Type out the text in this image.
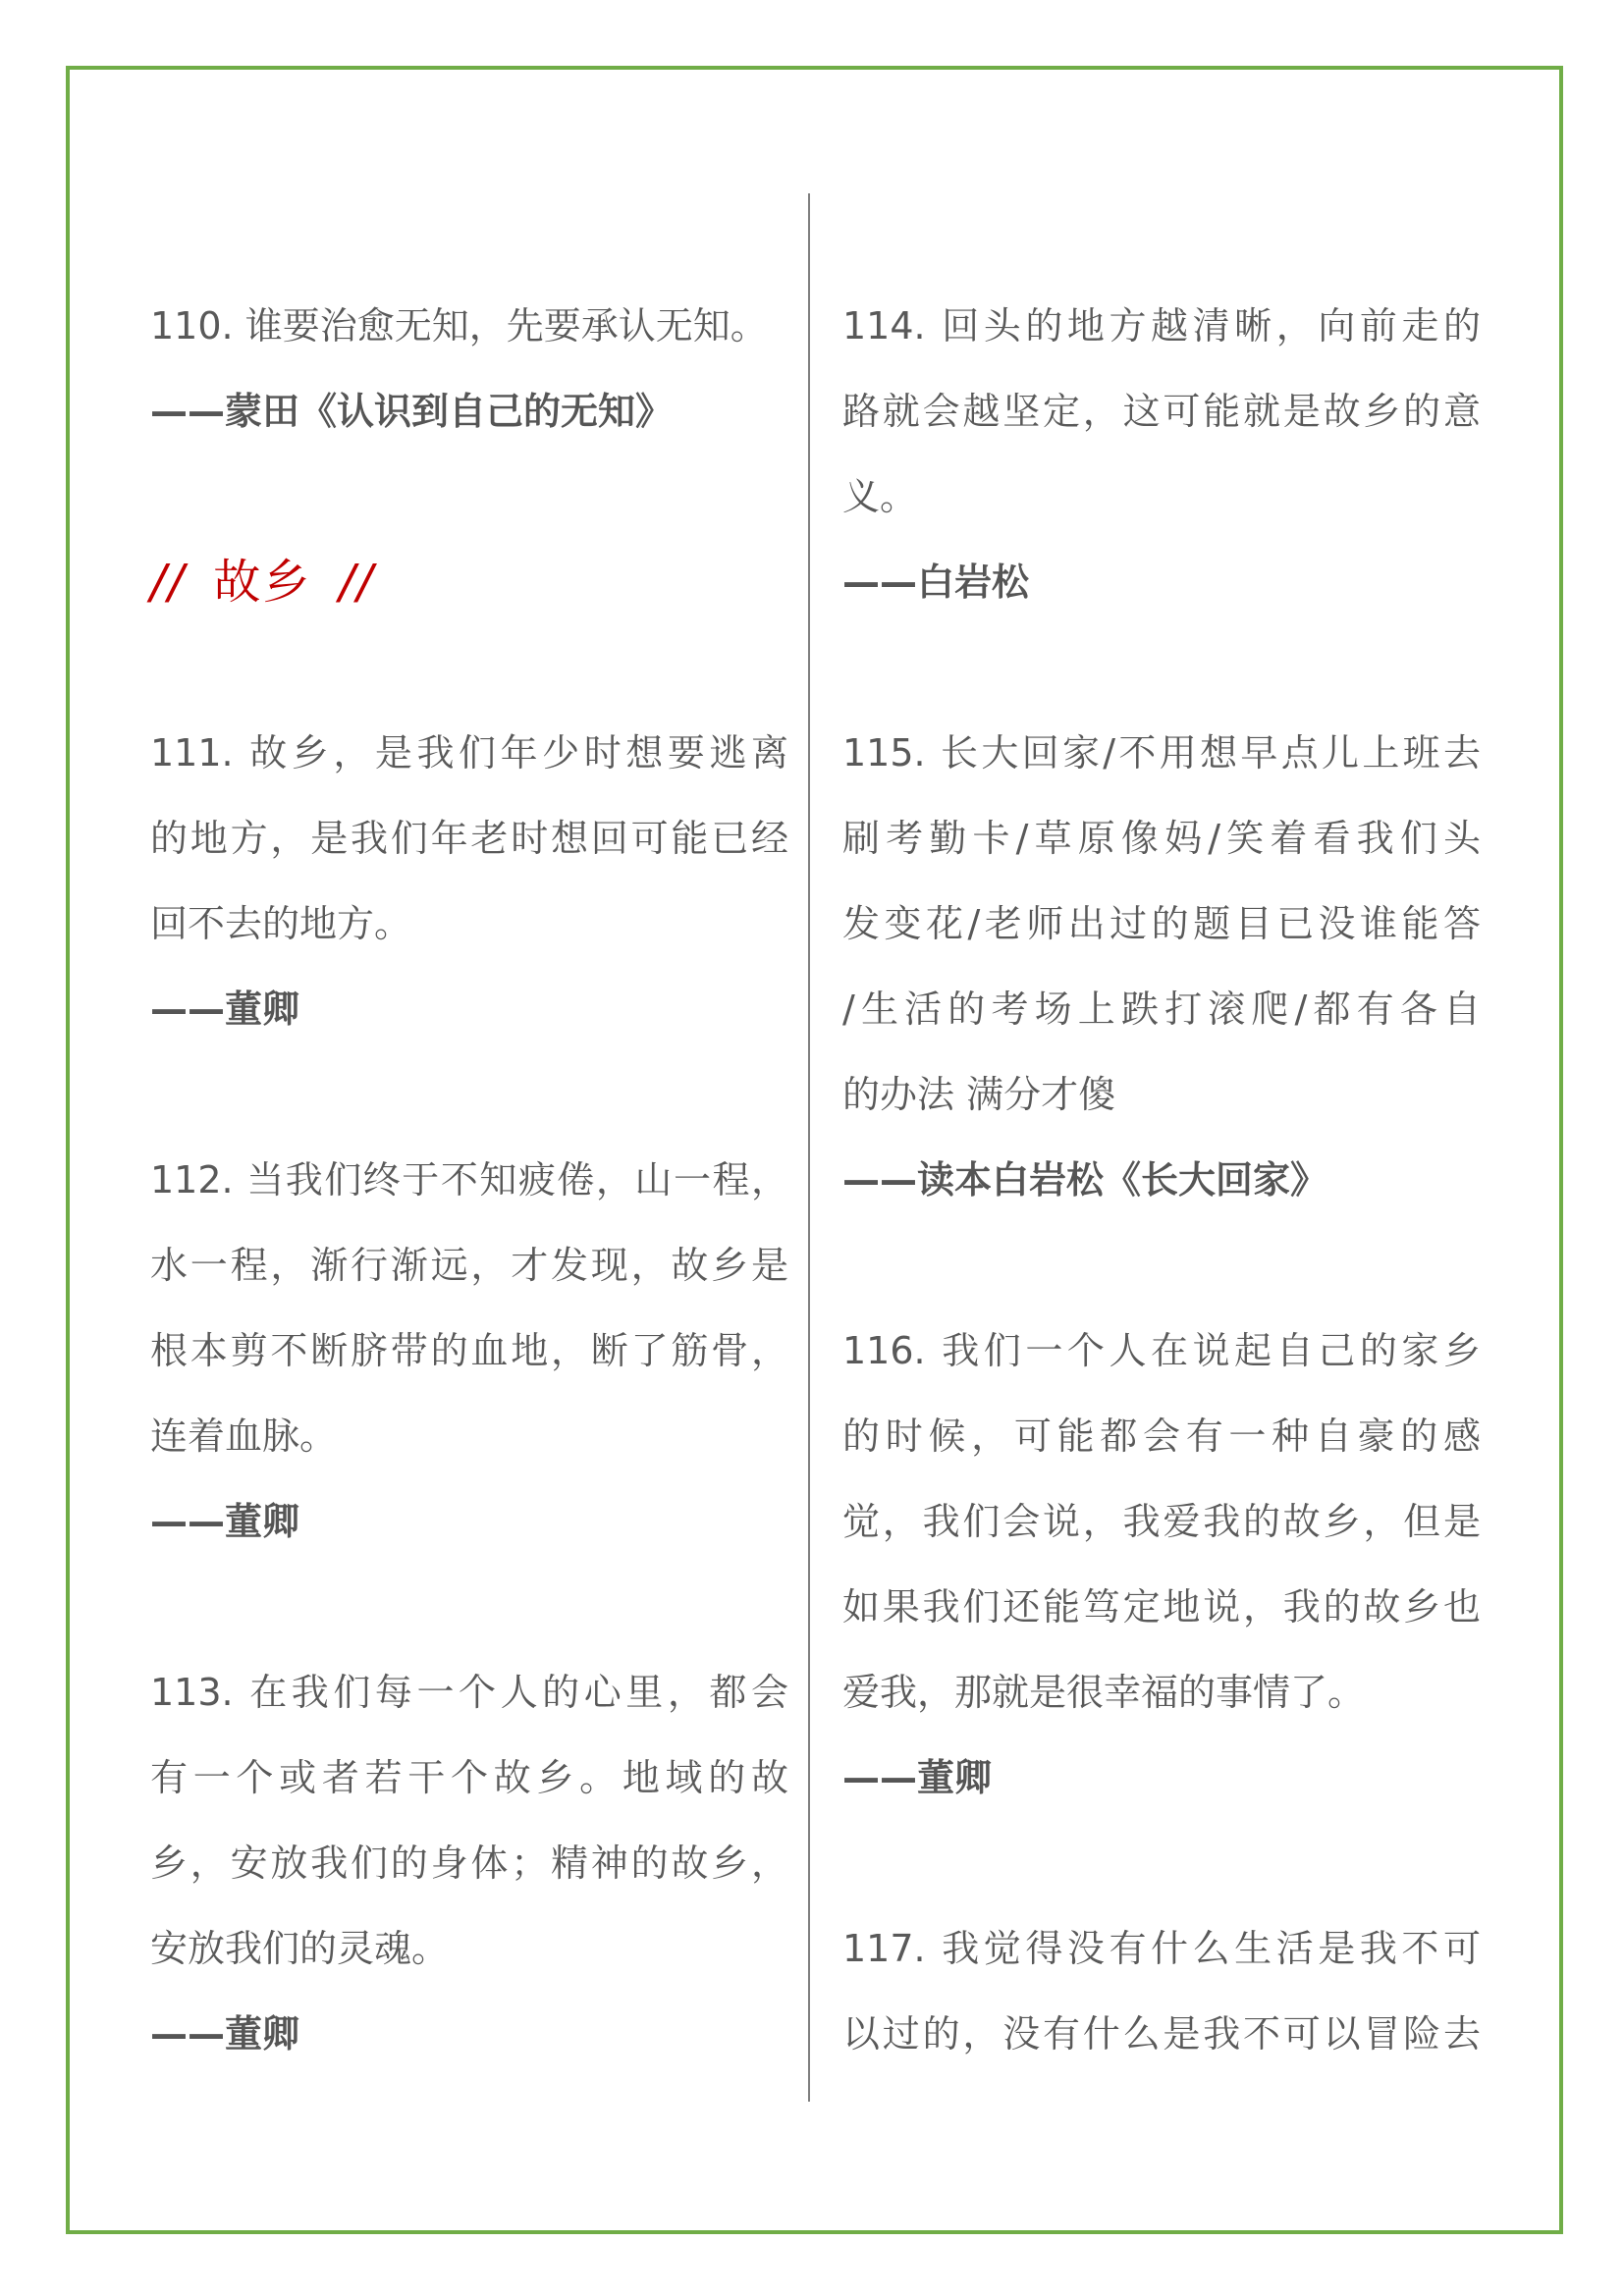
110. 谁要治愈无知，先要承认无知。
——蒙田《认识到自己的无知》
// 故乡 //
111. 故乡，是我们年少时想要逃离
的地方，是我们年老时想回可能已经
回不去的地方。
——董卿
112. 当我们终于不知疲倦，山一程，
水一程，渐行渐远，才发现，故乡是
根本剪不断脐带的血地，断了筋骨，
连着血脉。
——董卿
113. 在我们每一个人的心里，都会
有一个或者若干个故乡。地域的故
乡，安放我们的身体；精神的故乡，
安放我们的灵魂。
——董卿
114. 回头的地方越清晰，向前走的
路就会越坚定，这可能就是故乡的意
义。
——白岩松
115. 长大回家/不用想早点儿上班去
刷考勤卡/草原像妈/笑着看我们头
发变花/老师出过的题目已没谁能答
/生活的考场上跌打滚爬/都有各自
的办法 满分才傻
——读本白岩松《长大回家》
116. 我们一个人在说起自己的家乡
的时候，可能都会有一种自豪的感
觉，我们会说，我爱我的故乡，但是
如果我们还能笃定地说，我的故乡也
爱我，那就是很幸福的事情了。
——董卿
117. 我觉得没有什么生活是我不可
以过的，没有什么是我不可以冒险去
